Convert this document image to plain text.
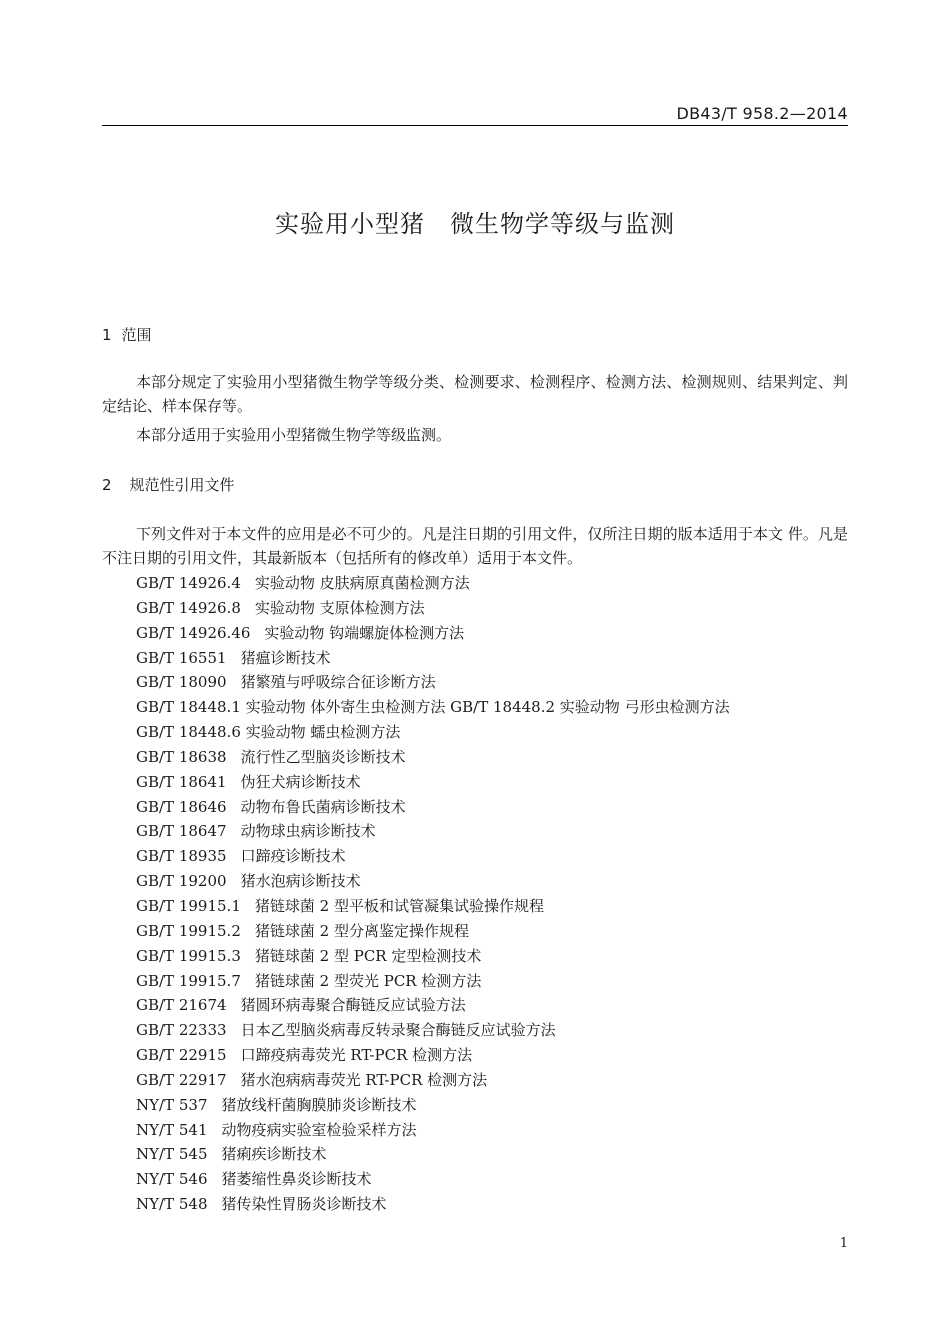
DB43/T 958.2—2014
实验用小型猪　微生物学等级与监测
1 范围

本部分规定了实验用小型猪微生物学等级分类、检测要求、检测程序、检测方法、检测规则、结果判定、判定结论、样本保存等。

本部分适用于实验用小型猪微生物学等级监测。

2 规范性引用文件

下列文件对于本文件的应用是必不可少的。凡是注日期的引用文件，仅所注日期的版本适用于本文 件。凡是不注日期的引用文件，其最新版本（包括所有的修改单）适用于本文件。

GB/T 14926.4 实验动物 皮肤病原真菌检测方法
GB/T 14926.8 实验动物 支原体检测方法
GB/T 14926.46 实验动物 钩端螺旋体检测方法
GB/T 16551 猪瘟诊断技术
GB/T 18090 猪繁殖与呼吸综合征诊断方法
GB/T 18448.1 实验动物 体外寄生虫检测方法 GB/T 18448.2 实验动物 弓形虫检测方法
GB/T 18448.6 实验动物 蠕虫检测方法
GB/T 18638 流行性乙型脑炎诊断技术
GB/T 18641 伪狂犬病诊断技术
GB/T 18646 动物布鲁氏菌病诊断技术
GB/T 18647 动物球虫病诊断技术
GB/T 18935 口蹄疫诊断技术
GB/T 19200 猪水泡病诊断技术
GB/T 19915.1 猪链球菌 2 型平板和试管凝集试验操作规程
GB/T 19915.2 猪链球菌 2 型分离鉴定操作规程
GB/T 19915.3 猪链球菌 2 型 PCR 定型检测技术
GB/T 19915.7 猪链球菌 2 型荧光 PCR 检测方法
GB/T 21674 猪圆环病毒聚合酶链反应试验方法
GB/T 22333 日本乙型脑炎病毒反转录聚合酶链反应试验方法
GB/T 22915 口蹄疫病毒荧光 RT-PCR 检测方法
GB/T 22917 猪水泡病病毒荧光 RT-PCR 检测方法
NY/T 537 猪放线杆菌胸膜肺炎诊断技术
NY/T 541 动物疫病实验室检验采样方法
NY/T 545 猪痢疾诊断技术
NY/T 546 猪萎缩性鼻炎诊断技术
NY/T 548 猪传染性胃肠炎诊断技术
1
